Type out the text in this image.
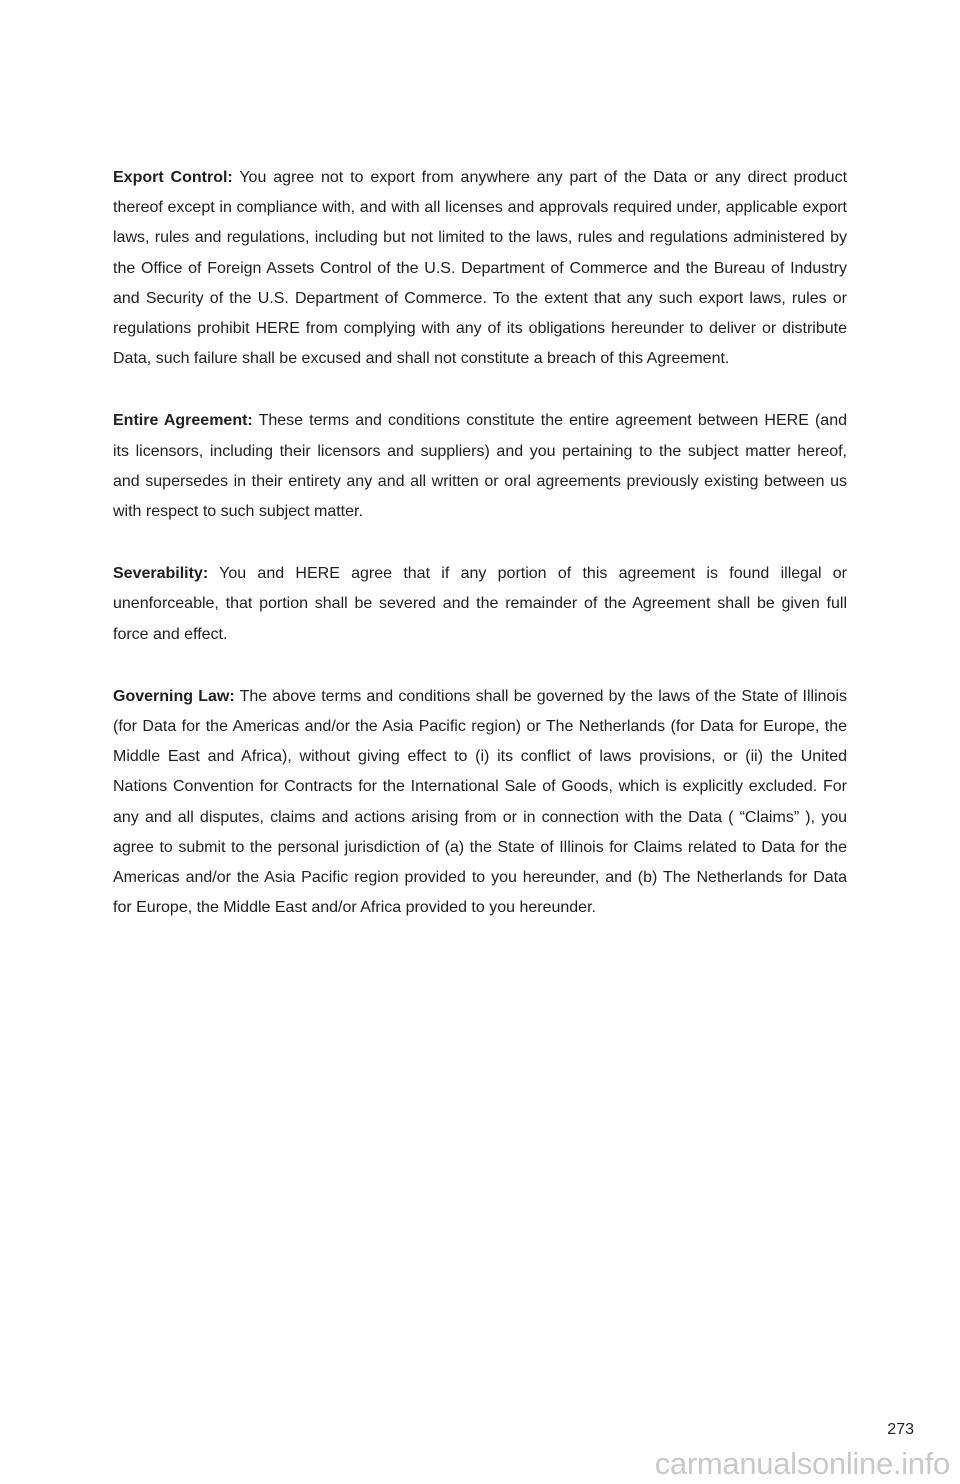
Export Control: You agree not to export from anywhere any part of the Data or any direct product thereof except in compliance with, and with all licenses and approvals required under, applicable export laws, rules and regulations, including but not limited to the laws, rules and regulations administered by the Office of Foreign Assets Control of the U.S. Department of Commerce and the Bureau of Industry and Security of the U.S. Department of Commerce. To the extent that any such export laws, rules or regulations prohibit HERE from complying with any of its obligations hereunder to deliver or distribute Data, such failure shall be excused and shall not constitute a breach of this Agreement.

Entire Agreement: These terms and conditions constitute the entire agreement between HERE (and its licensors, including their licensors and suppliers) and you pertaining to the subject matter hereof, and supersedes in their entirety any and all written or oral agreements previously existing between us with respect to such subject matter.

Severability: You and HERE agree that if any portion of this agreement is found illegal or unenforceable, that portion shall be severed and the remainder of the Agreement shall be given full force and effect.

Governing Law: The above terms and conditions shall be governed by the laws of the State of Illinois (for Data for the Americas and/or the Asia Pacific region) or The Netherlands (for Data for Europe, the Middle East and Africa), without giving effect to (i) its conflict of laws provisions, or (ii) the United Nations Convention for Contracts for the International Sale of Goods, which is explicitly excluded. For any and all disputes, claims and actions arising from or in connection with the Data ( “Claims” ), you agree to submit to the personal jurisdiction of (a) the State of Illinois for Claims related to Data for the Americas and/or the Asia Pacific region provided to you hereunder, and (b) The Netherlands for Data for Europe, the Middle East and/or Africa provided to you hereunder.

273
carmanualsonline.info
